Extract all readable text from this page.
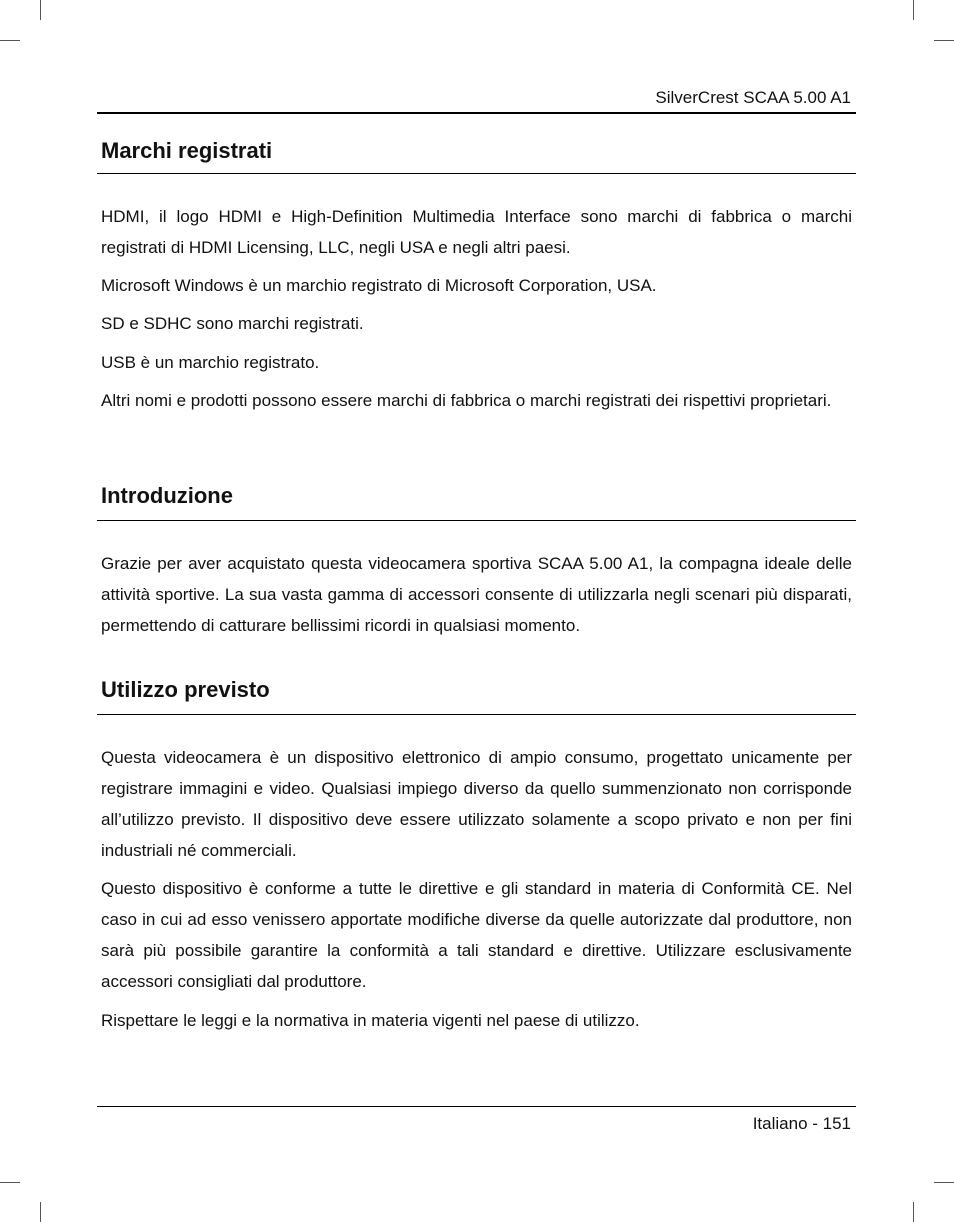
SilverCrest SCAA 5.00 A1
Marchi registrati

HDMI, il logo HDMI e High-Definition Multimedia Interface sono marchi di fabbrica o marchi registrati di HDMI Licensing, LLC, negli USA e negli altri paesi.

Microsoft Windows è un marchio registrato di Microsoft Corporation, USA.

SD e SDHC sono marchi registrati.

USB è un marchio registrato.

Altri nomi e prodotti possono essere marchi di fabbrica o marchi registrati dei rispettivi proprietari.

Introduzione

Grazie per aver acquistato questa videocamera sportiva SCAA 5.00 A1, la compagna ideale delle attività sportive. La sua vasta gamma di accessori consente di utilizzarla negli scenari più disparati, permettendo di catturare bellissimi ricordi in qualsiasi momento.

Utilizzo previsto

Questa videocamera è un dispositivo elettronico di ampio consumo, progettato unicamente per registrare immagini e video. Qualsiasi impiego diverso da quello summenzionato non corrisponde all’utilizzo previsto. Il dispositivo deve essere utilizzato solamente a scopo privato e non per fini industriali né commerciali.

Questo dispositivo è conforme a tutte le direttive e gli standard in materia di Conformità CE. Nel caso in cui ad esso venissero apportate modifiche diverse da quelle autorizzate dal produttore, non sarà più possibile garantire la conformità a tali standard e direttive. Utilizzare esclusivamente accessori consigliati dal produttore.

Rispettare le leggi e la normativa in materia vigenti nel paese di utilizzo.

Italiano - 151
